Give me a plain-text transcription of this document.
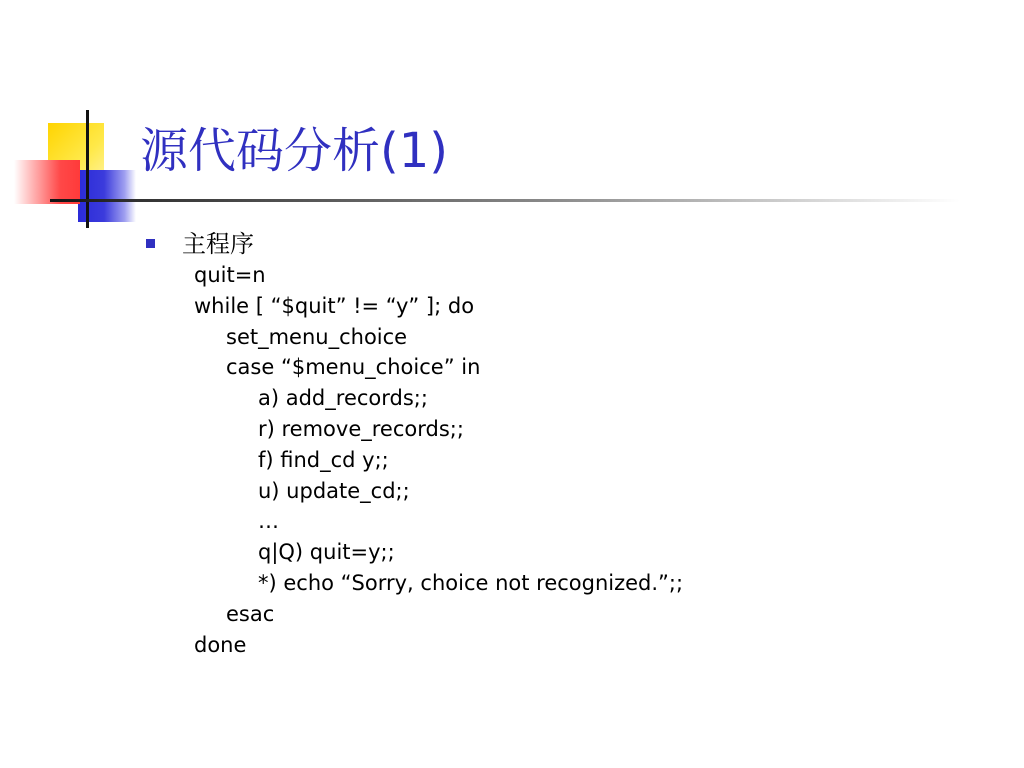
源代码分析(1)
主程序
quit=n
while [ “$quit” != “y” ]; do
set_menu_choice
case “$menu_choice” in
a) add_records;;
r) remove_records;;
f) find_cd y;;
u) update_cd;;
…
q|Q) quit=y;;
*) echo “Sorry, choice not recognized.”;;
esac
done
